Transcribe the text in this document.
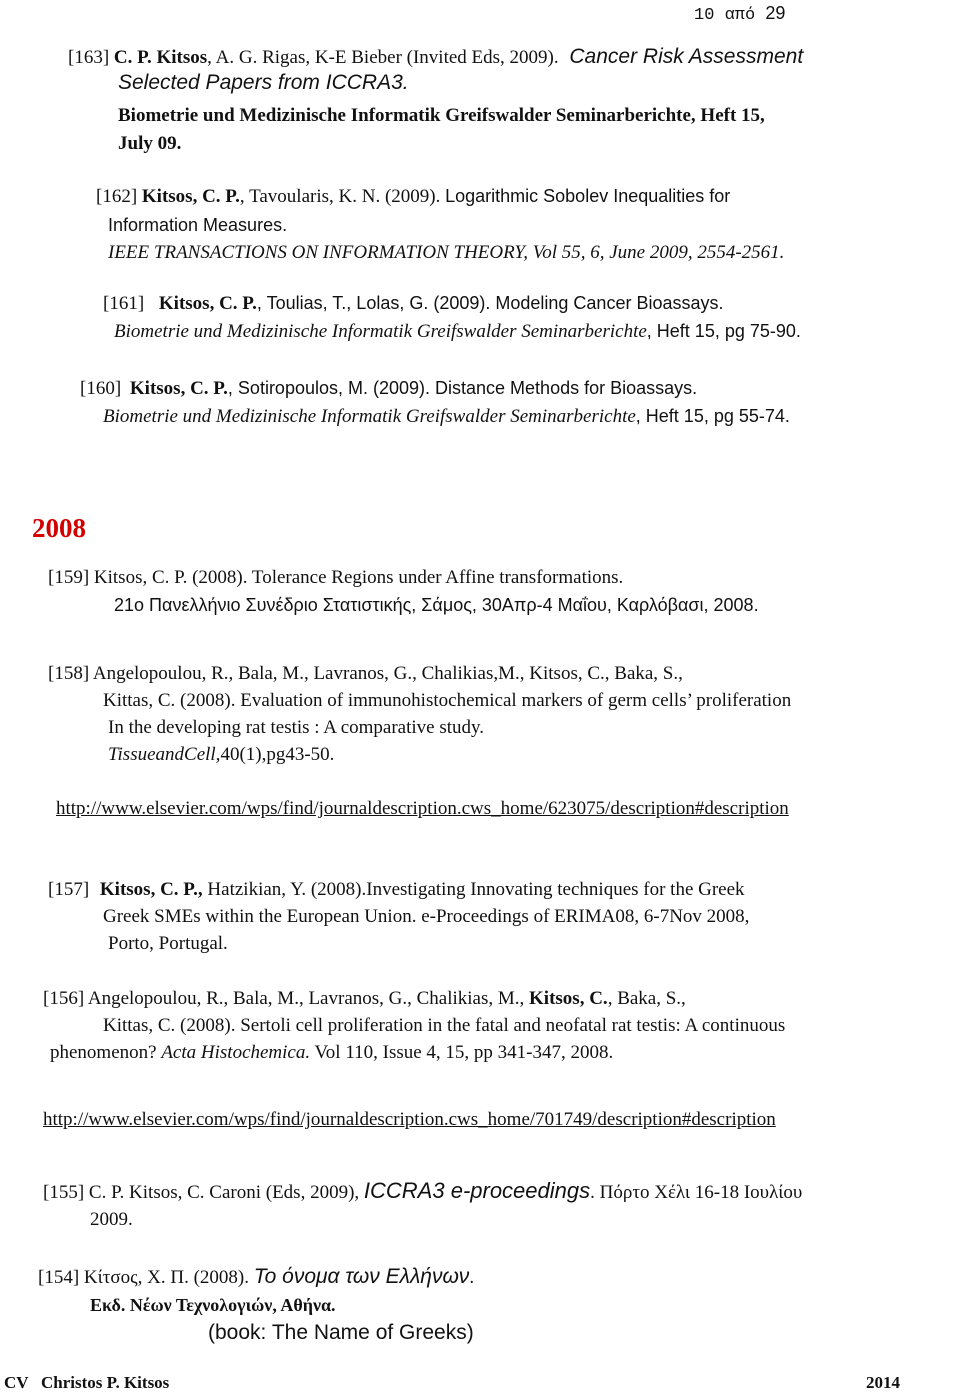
10 από 29
[163] C. P. Kitsos, A. G. Rigas, K-E Bieber (Invited Eds, 2009). Cancer Risk Assessment
Selected Papers from ICCRA3.
Biometrie und Medizinische Informatik Greifswalder Seminarberichte, Heft 15,
July 09.
[162] Kitsos, C. P., Tavoularis, K. N. (2009). Logarithmic Sobolev Inequalities for
Information Measures.
IEEE TRANSACTIONS ON INFORMATION THEORY, Vol 55, 6, June 2009, 2554-2561.
[161] Kitsos, C. P., Toulias, T., Lolas, G. (2009). Modeling Cancer Bioassays.
Biometrie und Medizinische Informatik Greifswalder Seminarberichte, Heft 15, pg 75-90.
[160] Kitsos, C. P., Sotiropoulos, M. (2009). Distance Methods for Bioassays.
Biometrie und Medizinische Informatik Greifswalder Seminarberichte, Heft 15, pg 55-74.
2008
[159] Kitsos, C. P. (2008). Tolerance Regions under Affine transformations.
21o Πανελλήνιο Συνέδριο Στατιστικής, Σάμος, 30Απρ-4 Μαΐου, Καρλόβασι, 2008.
[158] Angelopoulou, R., Bala, M., Lavranos, G., Chalikias,M., Kitsos, C., Baka, S.,
Kittas, C. (2008). Evaluation of immunohistochemical markers of germ cells’ proliferation
In the developing rat testis : A comparative study.
TissueandCell,40(1),pg43-50.
http://www.elsevier.com/wps/find/journaldescription.cws_home/623075/description#description
[157] Kitsos, C. P., Hatzikian, Y. (2008).Investigating Innovating techniques for the Greek
Greek SMEs within the European Union. e-Proceedings of ERIMA08, 6-7Nov 2008,
Porto, Portugal.
[156] Angelopoulou, R., Bala, M., Lavranos, G., Chalikias, M., Kitsos, C., Baka, S.,
Kittas, C. (2008). Sertoli cell proliferation in the fatal and neofatal rat testis: A continuous
phenomenon? Acta Histochemica. Vol 110, Issue 4, 15, pp 341-347, 2008.
http://www.elsevier.com/wps/find/journaldescription.cws_home/701749/description#description
[155] C. P. Kitsos, C. Caroni (Eds, 2009), ICCRA3 e-proceedings. Πόρτο Χέλι 16-18 Ιουλίου
2009.
[154] Κίτσος, Χ. Π. (2008). Το όνομα των Ελλήνων.
Εκδ. Νέων Τεχνολογιών, Αθήνα.
(book: The Name of Greeks)
CV   Christos P. Kitsos	2014
